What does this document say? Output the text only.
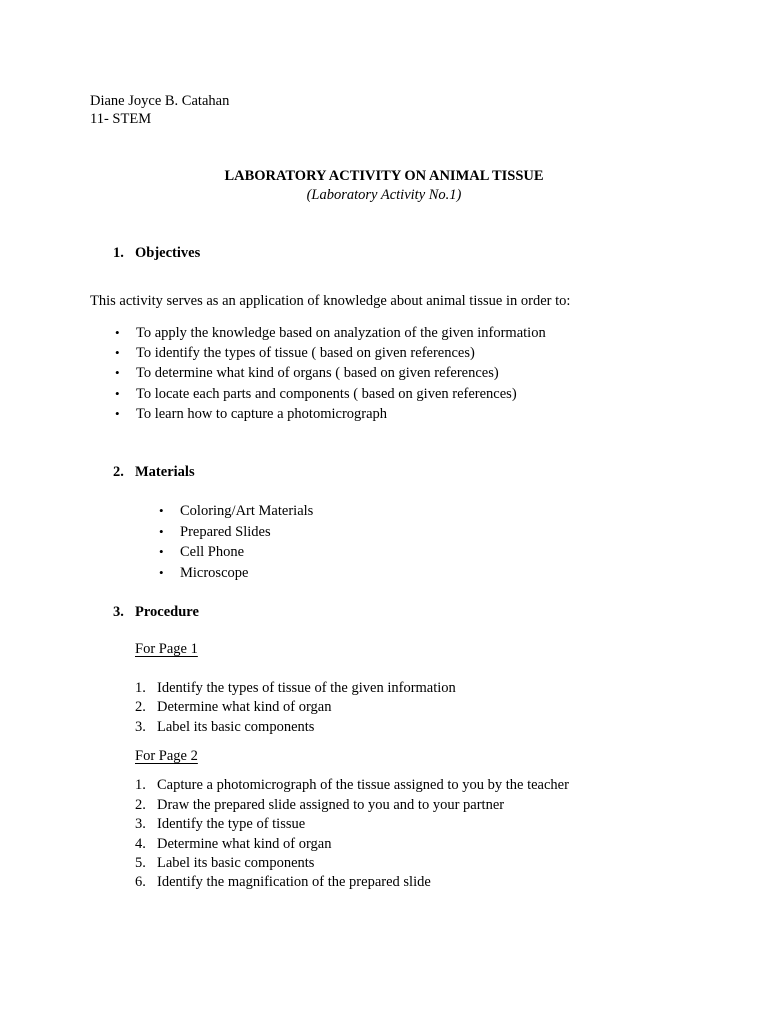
Diane Joyce B. Catahan
11- STEM
LABORATORY ACTIVITY ON ANIMAL TISSUE
(Laboratory Activity No.1)
1. Objectives
This activity serves as an application of knowledge about animal tissue in order to:
• To apply the knowledge based on analyzation of the given information
• To identify the types of tissue ( based on given references)
• To determine what kind of organs ( based on given references)
• To locate each parts and components ( based on given references)
• To learn how to capture a photomicrograph
2. Materials
• Coloring/Art Materials
• Prepared Slides
• Cell Phone
• Microscope
3. Procedure
For Page 1
1. Identify the types of tissue of the given information
2. Determine what kind of organ
3. Label its basic components
For Page 2
1. Capture a photomicrograph of the tissue assigned to you by the teacher
2. Draw the prepared slide assigned to you and to your partner
3. Identify the type of tissue
4. Determine what kind of organ
5. Label its basic components
6. Identify the magnification of the prepared slide
